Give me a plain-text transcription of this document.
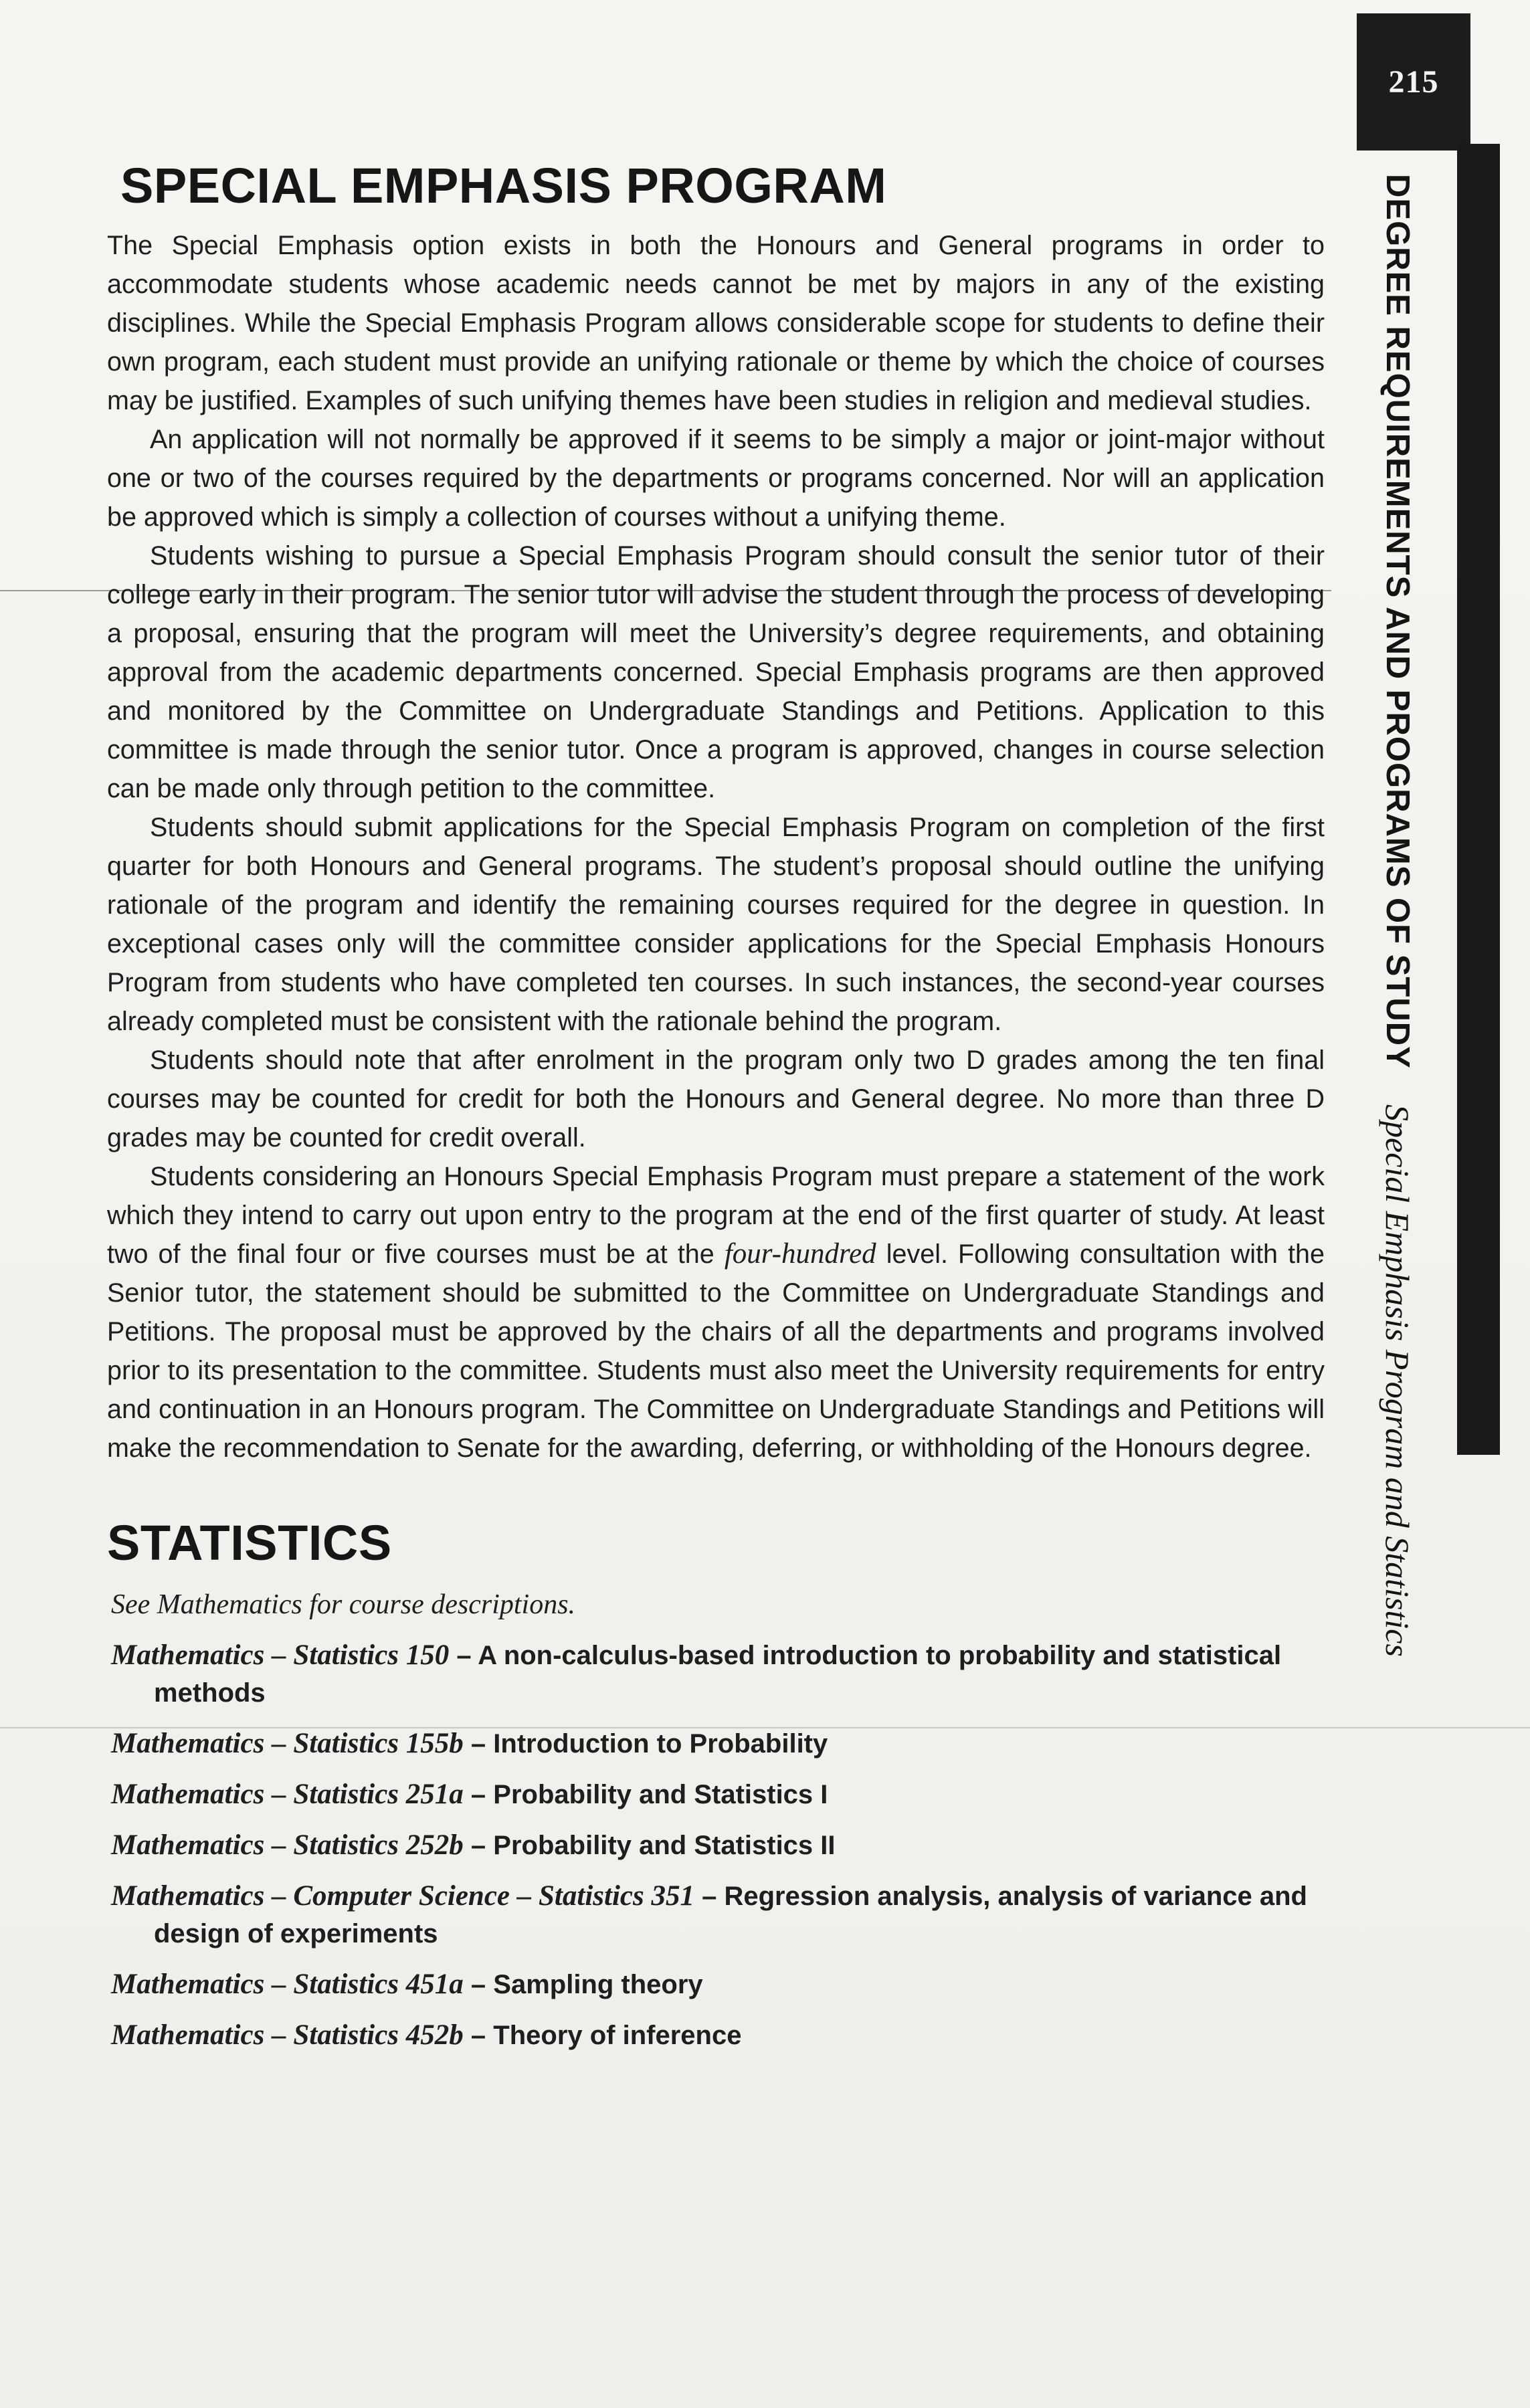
215
DEGREE REQUIREMENTS AND PROGRAMS OF STUDY Special Emphasis Program and Statistics
SPECIAL EMPHASIS PROGRAM

The Special Emphasis option exists in both the Honours and General programs in order to accommodate students whose academic needs cannot be met by majors in any of the existing disciplines. While the Special Emphasis Program allows considerable scope for students to define their own program, each student must provide an unifying rationale or theme by which the choice of courses may be justified. Examples of such unifying themes have been studies in religion and medieval studies.

An application will not normally be approved if it seems to be simply a major or joint-major without one or two of the courses required by the departments or programs concerned. Nor will an application be approved which is simply a collection of courses without a unifying theme.

Students wishing to pursue a Special Emphasis Program should consult the senior tutor of their college early in their program. The senior tutor will advise the student through the process of developing a proposal, ensuring that the program will meet the University’s degree requirements, and obtaining approval from the academic departments concerned. Special Emphasis programs are then approved and monitored by the Committee on Undergraduate Standings and Petitions. Application to this committee is made through the senior tutor. Once a program is approved, changes in course selection can be made only through petition to the committee.

Students should submit applications for the Special Emphasis Program on completion of the first quarter for both Honours and General programs. The student’s proposal should outline the unifying rationale of the program and identify the remaining courses required for the degree in question. In exceptional cases only will the committee consider applications for the Special Emphasis Honours Program from students who have completed ten courses. In such instances, the second-year courses already completed must be consistent with the rationale behind the program.

Students should note that after enrolment in the program only two D grades among the ten final courses may be counted for credit for both the Honours and General degree. No more than three D grades may be counted for credit overall.

Students considering an Honours Special Emphasis Program must prepare a statement of the work which they intend to carry out upon entry to the program at the end of the first quarter of study. At least two of the final four or five courses must be at the four-hundred level. Following consultation with the Senior tutor, the statement should be submitted to the Committee on Undergraduate Standings and Petitions. The proposal must be approved by the chairs of all the departments and programs involved prior to its presentation to the committee. Students must also meet the University requirements for entry and continuation in an Honours program. The Committee on Undergraduate Standings and Petitions will make the recommendation to Senate for the awarding, deferring, or withholding of the Honours degree.

STATISTICS
See Mathematics for course descriptions.
Mathematics – Statistics 150 – A non-calculus-based introduction to probability and statistical methods
Mathematics – Statistics 155b – Introduction to Probability
Mathematics – Statistics 251a – Probability and Statistics I
Mathematics – Statistics 252b – Probability and Statistics II
Mathematics – Computer Science – Statistics 351 – Regression analysis, analysis of variance and design of experiments
Mathematics – Statistics 451a – Sampling theory
Mathematics – Statistics 452b – Theory of inference
